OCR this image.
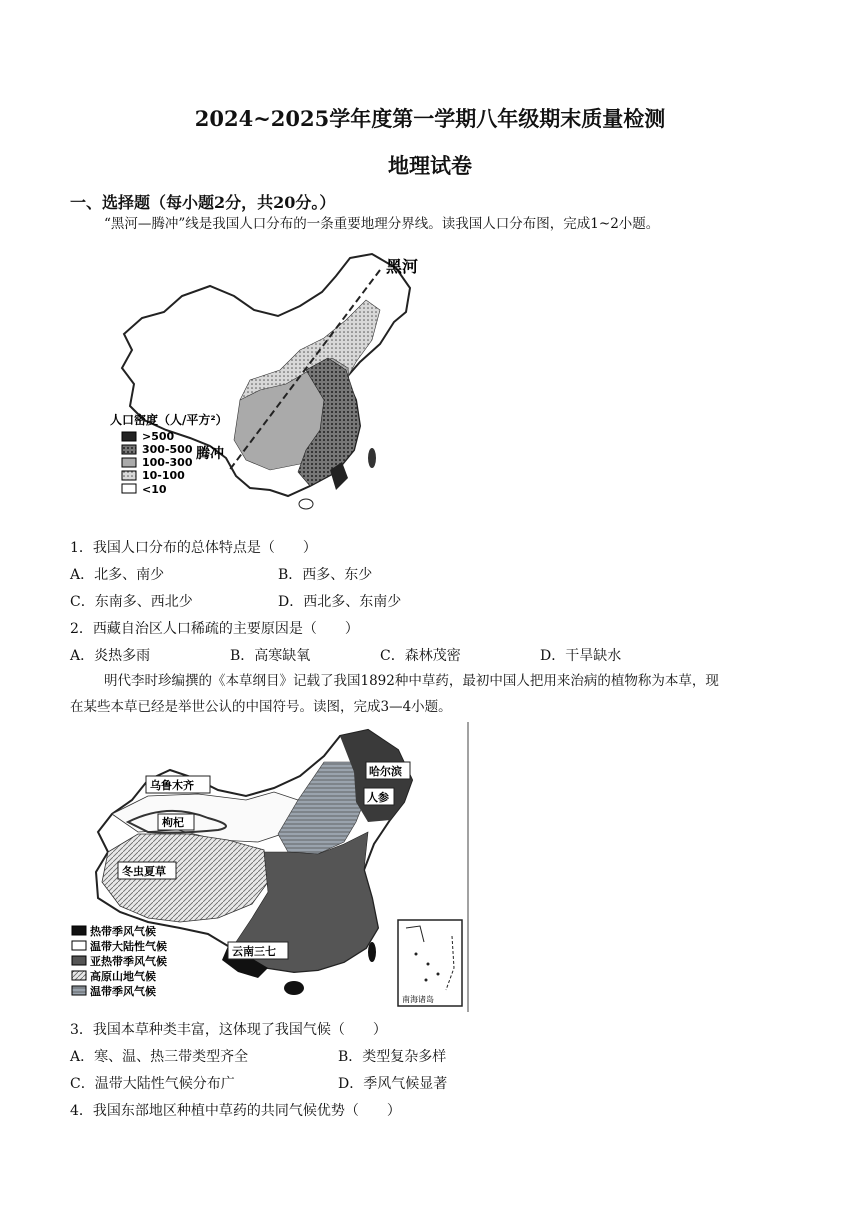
2024~2025学年度第一学期八年级期末质量检测
地理试卷
一、选择题（每小题2分，共20分。）
“黑河—腾冲”线是我国人口分布的一条重要地理分界线。读我国人口分布图，完成1~2小题。
人口密度（人/平方²）
>500
300-500
100-300
10-100
<10
黑河
腾冲
1．我国人口分布的总体特点是（　　）
A．北多、南少	B．西多、东少
C．东南多、西北少	D．西北多、东南少
2．西藏自治区人口稀疏的主要原因是（　　）
A．炎热多雨	B．高寒缺氧	C．森林茂密	D．干旱缺水
明代李时珍编撰的《本草纲目》记载了我国1892种中草药，最初中国人把用来治病的植物称为本草，现
在某些本草已经是举世公认的中国符号。读图，完成3—4小题。
乌鲁木齐
枸杞
冬虫夏草
哈尔滨
人参
云南三七
热带季风气候
温带大陆性气候
亚热带季风气候
高原山地气候
温带季风气候
南海诸岛
3．我国本草种类丰富，这体现了我国气候（　　）
A．寒、温、热三带类型齐全	B．类型复杂多样
C．温带大陆性气候分布广	D．季风气候显著
4．我国东部地区种植中草药的共同气候优势（　　）
